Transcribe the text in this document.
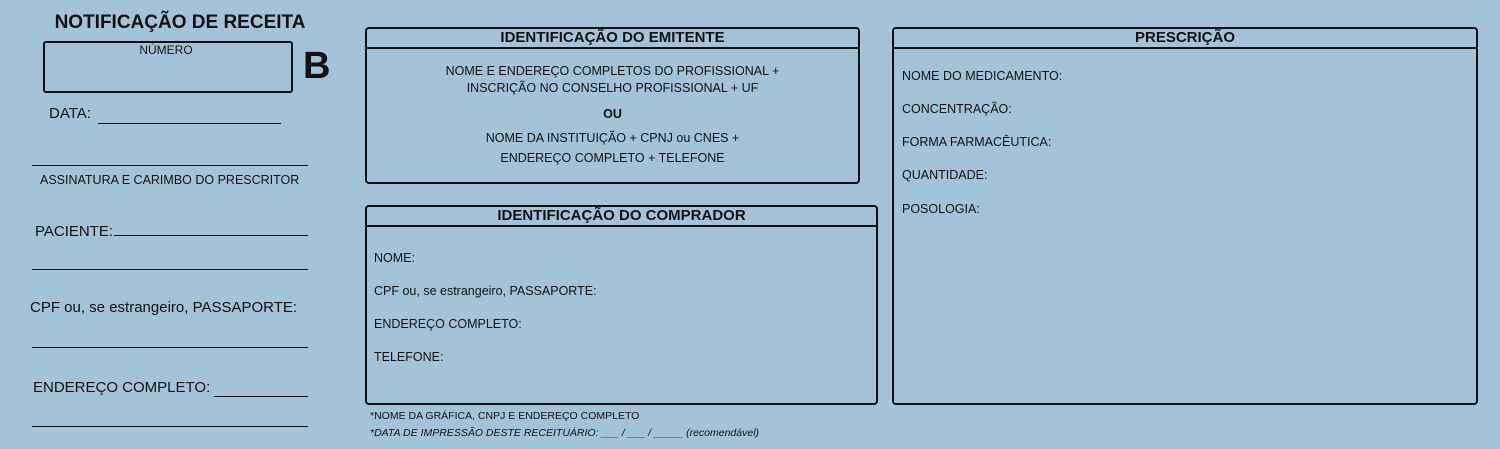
NOTIFICAÇÃO DE RECEITA
NÚMERO	B
DATA:
ASSINATURA E CARIMBO DO PRESCRITOR
PACIENTE:
CPF ou, se estrangeiro, PASSAPORTE:
ENDEREÇO COMPLETO:
IDENTIFICAÇÃO DO EMITENTE
NOME E ENDEREÇO COMPLETOS DO PROFISSIONAL +
INSCRIÇÃO NO CONSELHO PROFISSIONAL + UF
OU
NOME DA INSTITUIÇÃO + CPNJ ou CNES +
ENDEREÇO COMPLETO + TELEFONE
IDENTIFICAÇÃO DO COMPRADOR
NOME:
CPF ou, se estrangeiro, PASSAPORTE:
ENDEREÇO COMPLETO:
TELEFONE:
*NOME DA GRÁFICA, CNPJ E ENDEREÇO COMPLETO
*DATA DE IMPRESSÃO DESTE RECEITUÁRIO: ___ / ___ / _____ (recomendável)
PRESCRIÇÃO
NOME DO MEDICAMENTO:
CONCENTRAÇÃO:
FORMA FARMACÊUTICA:
QUANTIDADE:
POSOLOGIA:
